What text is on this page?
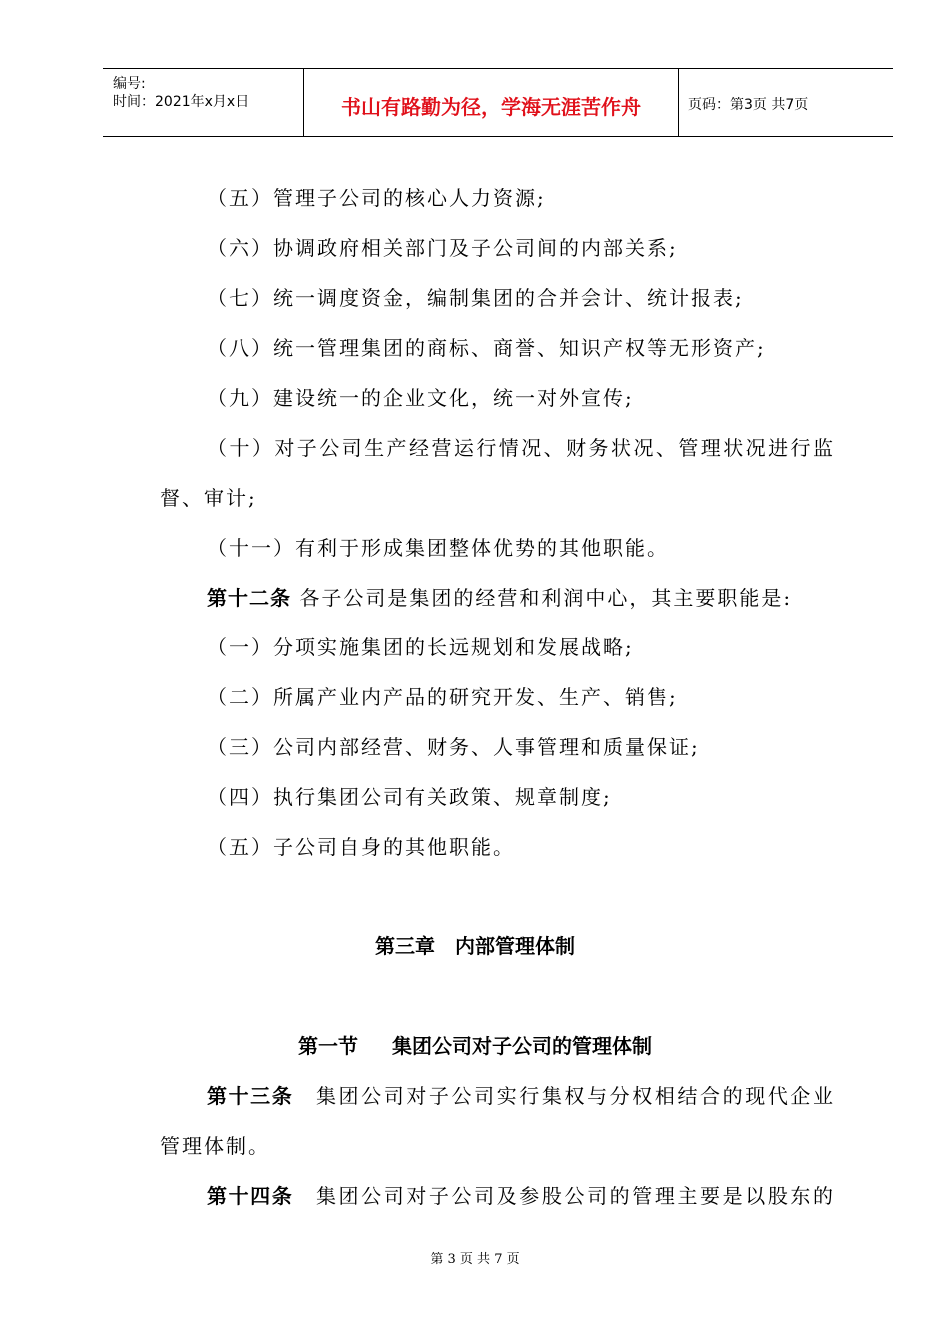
编号:
时间：2021年x月x日	书山有路勤为径，学海无涯苦作舟	页码：第3页 共7页
（五）管理子公司的核心人力资源;
（六）协调政府相关部门及子公司间的内部关系;
（七）统一调度资金，编制集团的合并会计、统计报表;
（八）统一管理集团的商标、商誉、知识产权等无形资产;
（九）建设统一的企业文化，统一对外宣传;
（十）对子公司生产经营运行情况、财务状况、管理状况进行监
督、审计;
（十一）有利于形成集团整体优势的其他职能。
第十二条 各子公司是集团的经营和利润中心，其主要职能是:
（一）分项实施集团的长远规划和发展战略;
（二）所属产业内产品的研究开发、生产、销售;
（三）公司内部经营、财务、人事管理和质量保证;
（四）执行集团公司有关政策、规章制度;
（五）子公司自身的其他职能。
第三章　内部管理体制
第一节　  集团公司对子公司的管理体制
第十三条　集团公司对子公司实行集权与分权相结合的现代企业
管理体制。
第十四条　集团公司对子公司及参股公司的管理主要是以股东的
第 3 页 共 7 页
